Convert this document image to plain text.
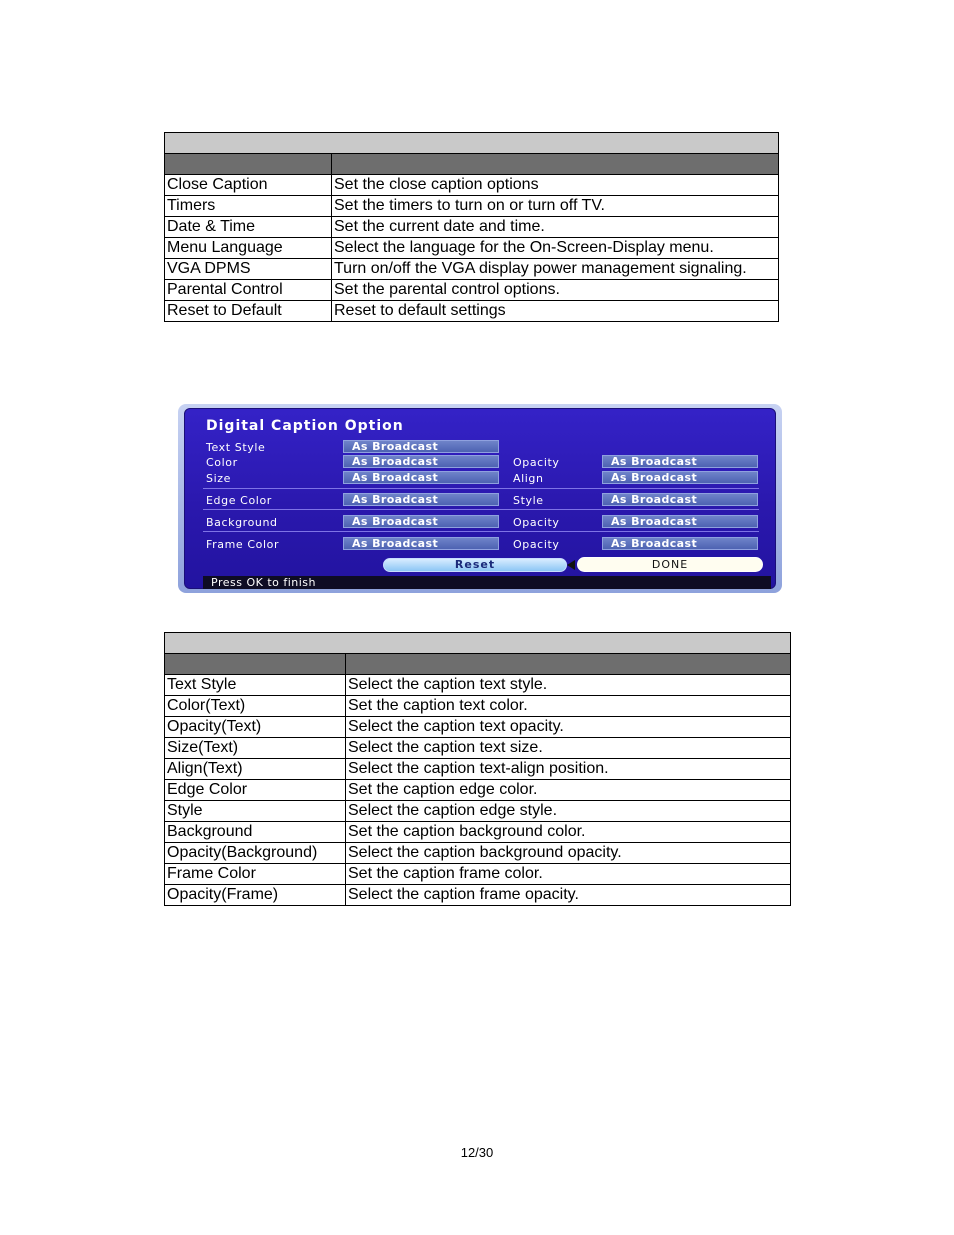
Close Caption	Set the close caption options
Timers	Set the timers to turn on or turn off TV.
Date & Time	Set the current date and time.
Menu Language	Select the language for the On-Screen-Display menu.
VGA DPMS	Turn on/off the VGA display power management signaling.
Parental Control	Set the parental control options.
Reset to Default	Reset to default settings
Digital Caption Option
Text Style	As Broadcast
Color	As Broadcast	Opacity	As Broadcast
Size	As Broadcast	Align	As Broadcast
Edge Color	As Broadcast	Style	As Broadcast
Background	As Broadcast	Opacity	As Broadcast
Frame Color	As Broadcast	Opacity	As Broadcast
Reset	DONE
Press OK to finish

Text Style	Select the caption text style.
Color(Text)	Set the caption text color.
Opacity(Text)	Select the caption text opacity.
Size(Text)	Select the caption text size.
Align(Text)	Select the caption text-align position.
Edge Color	Set the caption edge color.
Style	Select the caption edge style.
Background	Set the caption background color.
Opacity(Background)	Select the caption background opacity.
Frame Color	Set the caption frame color.
Opacity(Frame)	Select the caption frame opacity.
12/30
